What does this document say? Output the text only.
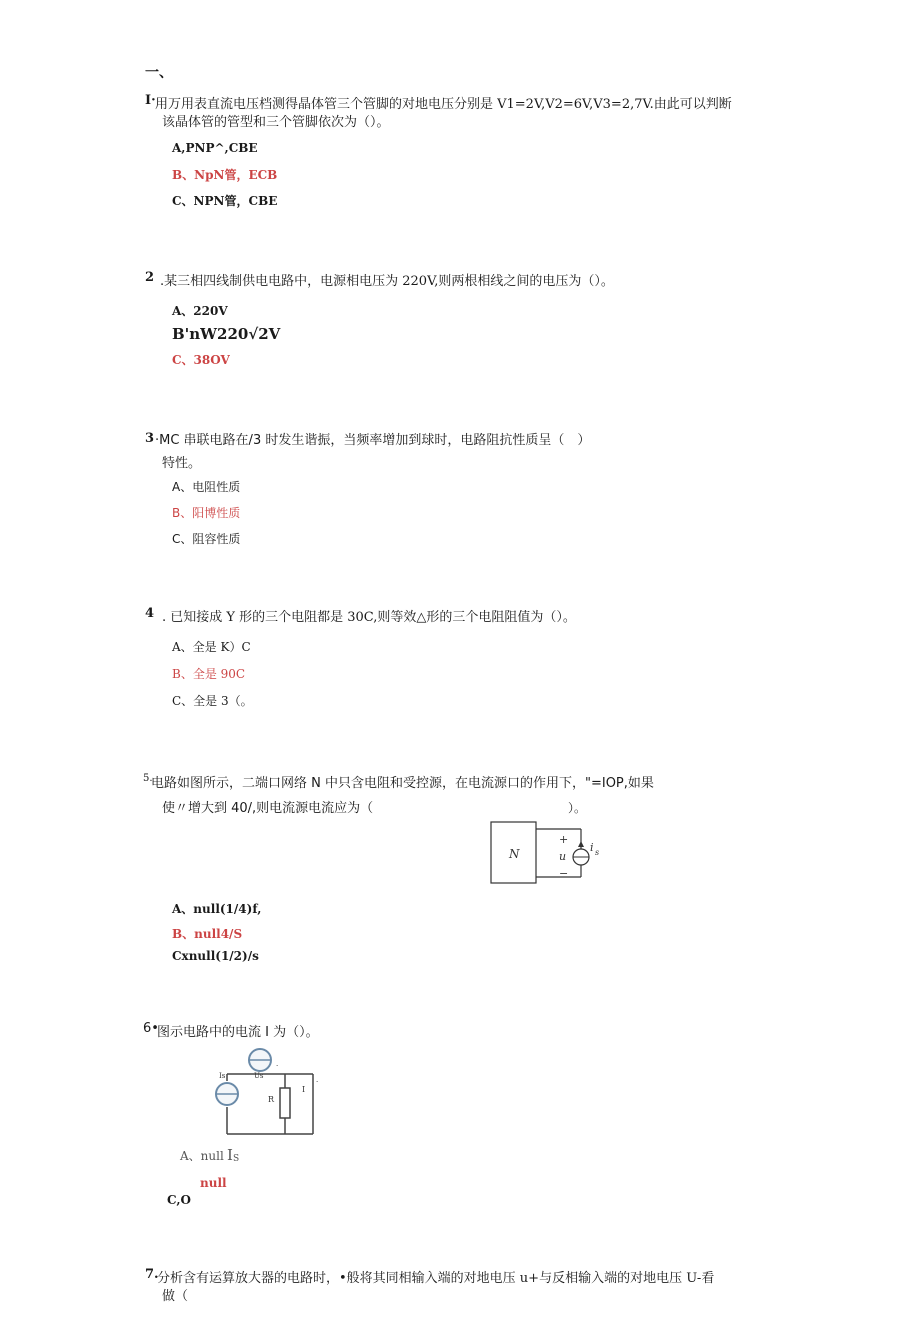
一、
I· 用万用表直流电压档测得晶体管三个管脚的对地电压分别是 V1=2V,V2=6V,V3=2,7V.由此可以判断
该晶体管的管型和三个管脚依次为（）。
A,PNP^,CBE
B、NpN管，ECB
C、NPN管，CBE
2 .某三相四线制供电电路中，电源相电压为 220V,则两根相线之间的电压为（）。
A、220V
B'nW220√2V
C、38OV
3 ·MC 串联电路在/3 时发生谐振，当频率增加到球时，电路阻抗性质呈（　）
特性。
A、电阻性质
B、阳博性质
C、阻容性质
4 . 已知接成 Y 形的三个电阻都是 30C,则等效△形的三个电阻阻值为（）。
A、全是 K）C
B、全是 90C
C、全是 3（。
5.
电路如图所示，二端口网络 N 中只含电阻和受控源，在电流源口的作用下，"=IOP,如果
使〃增大到 40/,则电流源电流应为（	）。
N
+
u
−
i s
A、null(1/4)f,
B、null4/S
Cxnull(1/2)/s
6•
图示电路中的电流 I 为（）。
Is	Us
R
I
.
.
A、null I S
null
C,O
7.
分析含有运算放大器的电路时，•般将其同相输入端的对地电压 u+与反相输入端的对地电压 U-看
做（
